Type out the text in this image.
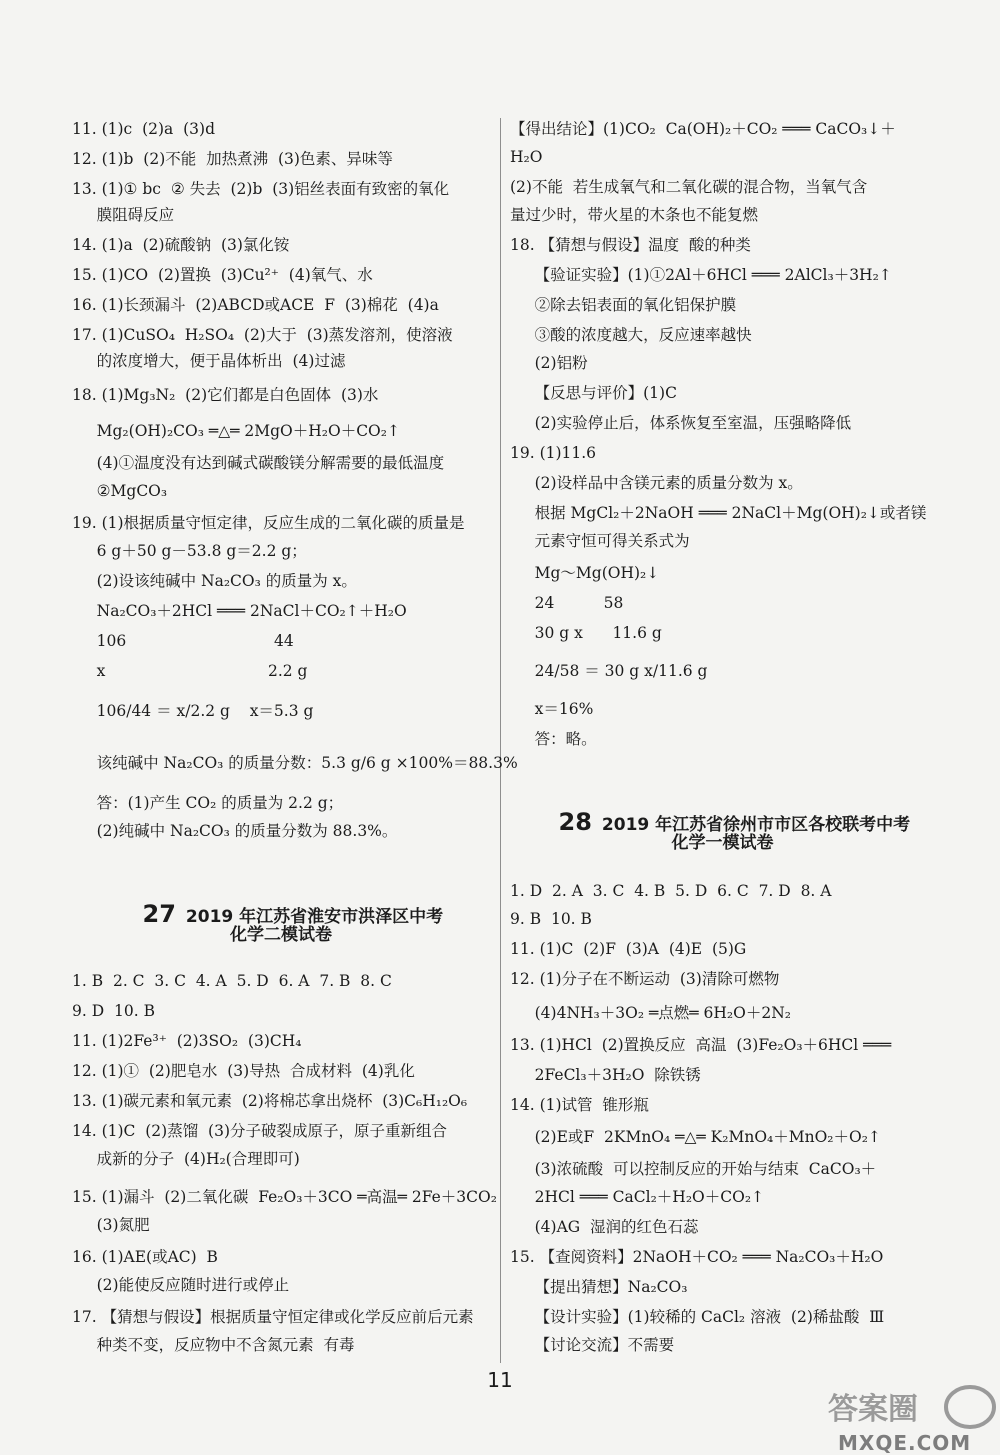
11. (1)c  (2)a  (3)d
12. (1)b  (2)不能  加热煮沸  (3)色素、异味等
13. (1)① bc  ② 失去  (2)b  (3)铝丝表面有致密的氧化
膜阻碍反应
14. (1)a  (2)硫酸钠  (3)氯化铵
15. (1)CO  (2)置换  (3)Cu²⁺  (4)氧气、水
16. (1)长颈漏斗  (2)ABCD或ACE  F  (3)棉花  (4)a
17. (1)CuSO₄  H₂SO₄  (2)大于  (3)蒸发溶剂，使溶液
的浓度增大，便于晶体析出  (4)过滤
18. (1)Mg₃N₂  (2)它们都是白色固体  (3)水
Mg₂(OH)₂CO₃ ═△═ 2MgO＋H₂O＋CO₂↑
(4)①温度没有达到碱式碳酸镁分解需要的最低温度
②MgCO₃
19. (1)根据质量守恒定律，反应生成的二氧化碳的质量是
6 g＋50 g－53.8 g＝2.2 g；
(2)设该纯碱中 Na₂CO₃ 的质量为 x。
Na₂CO₃＋2HCl ═══ 2NaCl＋CO₂↑＋H₂O
106                              44
x                                 2.2 g
106/44 ＝ x/2.2 g    x＝5.3 g
该纯碱中 Na₂CO₃ 的质量分数：5.3 g/6 g ×100%＝88.3%
答：(1)产生 CO₂ 的质量为 2.2 g；
(2)纯碱中 Na₂CO₃ 的质量分数为 88.3%。

27 2019 年江苏省淮安市洪泽区中考

化学二模试卷
1. B  2. C  3. C  4. A  5. D  6. A  7. B  8. C
9. D  10. B
11. (1)2Fe³⁺  (2)3SO₂  (3)CH₄
12. (1)①  (2)肥皂水  (3)导热  合成材料  (4)乳化
13. (1)碳元素和氧元素  (2)将棉芯拿出烧杯  (3)C₆H₁₂O₆
14. (1)C  (2)蒸馏  (3)分子破裂成原子，原子重新组合
成新的分子  (4)H₂(合理即可)
15. (1)漏斗  (2)二氧化碳  Fe₂O₃＋3CO ═高温═ 2Fe＋3CO₂
(3)氮肥
16. (1)AE(或AC)  B
(2)能使反应随时进行或停止
17. 【猜想与假设】根据质量守恒定律或化学反应前后元素
种类不变，反应物中不含氮元素  有毒
【得出结论】(1)CO₂  Ca(OH)₂＋CO₂ ═══ CaCO₃↓＋
H₂O
(2)不能  若生成氧气和二氧化碳的混合物，当氧气含
量过少时，带火星的木条也不能复燃
18. 【猜想与假设】温度  酸的种类
【验证实验】(1)①2Al＋6HCl ═══ 2AlCl₃＋3H₂↑
②除去铝表面的氧化铝保护膜
③酸的浓度越大，反应速率越快
(2)铝粉
【反思与评价】(1)C
(2)实验停止后，体系恢复至室温，压强略降低
19. (1)11.6
(2)设样品中含镁元素的质量分数为 x。
根据 MgCl₂＋2NaOH ═══ 2NaCl＋Mg(OH)₂↓或者镁
元素守恒可得关系式为
Mg～Mg(OH)₂↓
24          58
30 g x      11.6 g
24/58 ＝ 30 g x/11.6 g
x＝16%
答：略。

28 2019 年江苏省徐州市市区各校联考中考

化学一模试卷
1. D  2. A  3. C  4. B  5. D  6. C  7. D  8. A
9. B  10. B
11. (1)C  (2)F  (3)A  (4)E  (5)G
12. (1)分子在不断运动  (3)清除可燃物
(4)4NH₃＋3O₂ ═点燃═ 6H₂O＋2N₂
13. (1)HCl  (2)置换反应  高温  (3)Fe₂O₃＋6HCl ═══
2FeCl₃＋3H₂O  除铁锈
14. (1)试管  锥形瓶
(2)E或F  2KMnO₄ ═△═ K₂MnO₄＋MnO₂＋O₂↑
(3)浓硫酸  可以控制反应的开始与结束  CaCO₃＋
2HCl ═══ CaCl₂＋H₂O＋CO₂↑
(4)AG  湿润的红色石蕊
15. 【查阅资料】2NaOH＋CO₂ ═══ Na₂CO₃＋H₂O
【提出猜想】Na₂CO₃
【设计实验】(1)较稀的 CaCl₂ 溶液  (2)稀盐酸  Ⅲ
【讨论交流】不需要
11
答案圈
MXQE.COM
